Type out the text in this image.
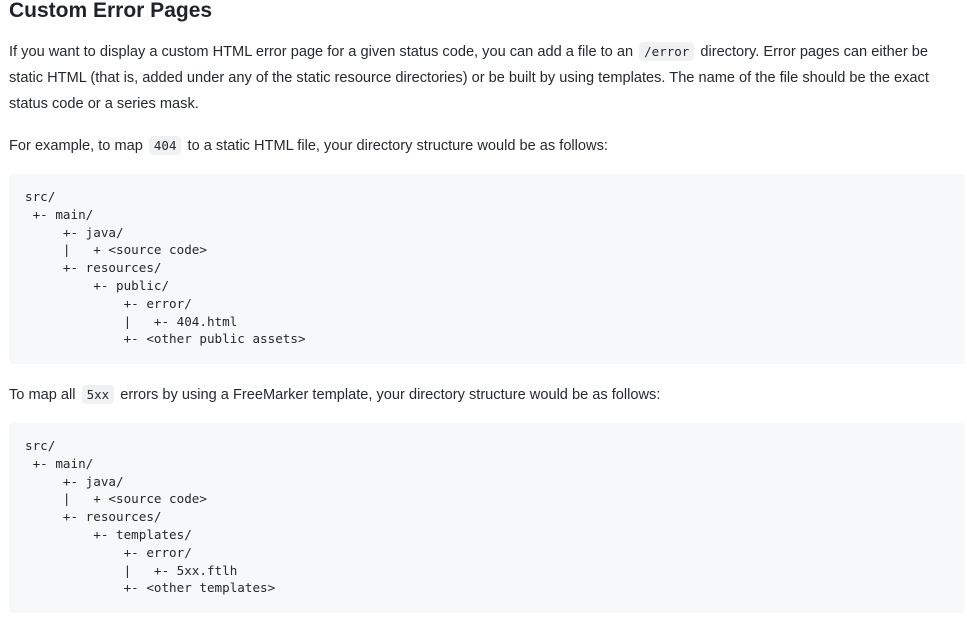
Custom Error Pages

If you want to display a custom HTML error page for a given status code, you can add a file to an /error directory. Error pages can either be static HTML (that is, added under any of the static resource directories) or be built by using templates. The name of the file should be the exact status code or a series mask.

For example, to map 404 to a static HTML file, your directory structure would be as follows:

src/
+- main/
+- java/
|   + <source code>
+- resources/
+- public/
+- error/
|   +- 404.html
+- <other public assets>

To map all 5xx errors by using a FreeMarker template, your directory structure would be as follows:

src/
+- main/
+- java/
|   + <source code>
+- resources/
+- templates/
+- error/
|   +- 5xx.ftlh
+- <other templates>
